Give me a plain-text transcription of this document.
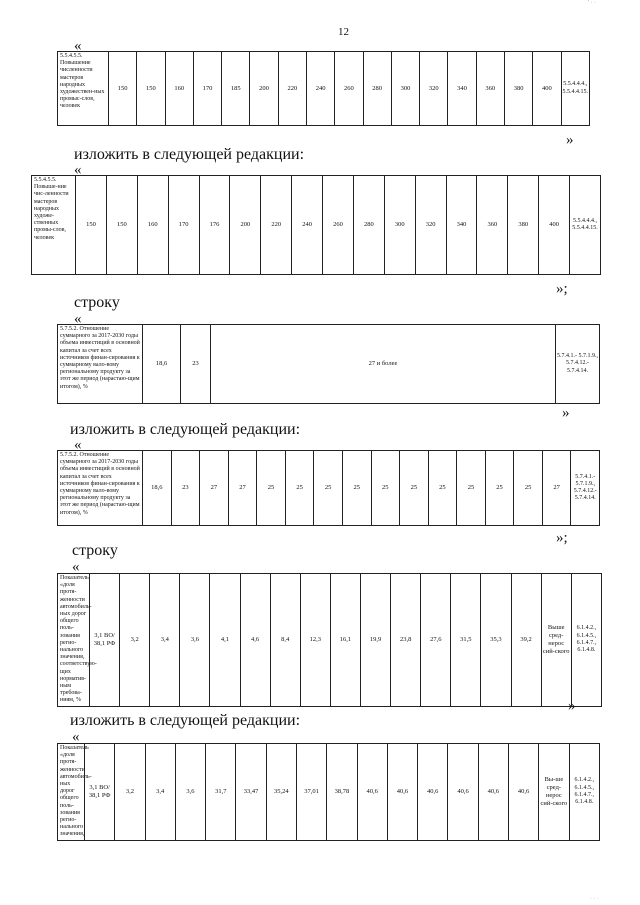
12
' · ·
· · ·
«
5.5.4.5.5. Повышение численности мастеров народных художествен-ных промыс-слов, человек	150	150	160	170	185	200	220	240	260	280	300	320	340	360	380	400	5.5.4.4.4., 5.5.4.4.15.
»
изложить в следующей редакции:
«
5.5.4.5.5. Повыше-ние чис-ленности мастеров народных художе-ственных промы-слов, человек	150	150	160	170	176	200	220	240	260	280	300	320	340	360	380	400	5.5.4.4.4., 5.5.4.4.15.
»;
строку
«
5.7.5.2. Отношение суммарного за 2017-2030 годы объема инвестиций в основной капитал за счет всех источников финан-сирования к суммарному вало-вому региональному продукту за этот же период (нарастаю-щим итогом), %	18,6	23	27 и более	5.7.4.1.- 5.7.1.9., 5.7.4.12.- 5.7.4.14.
»
изложить в следующей редакции:
«
5.7.5.2. Отношение суммарного за 2017-2030 годы объема инвестиций в основной капитал за счет всех источников финан-сирования к суммарному вало-вому региональному продукту за этот же период (нарастаю-щим итогом), %	18,6	23	27	27	25	25	25	25	25	25	25	25	25	25	27	5.7.4.1.- 5.7.1.9., 5.7.4.12.- 5.7.4.14.
»;
строку
«
Показатель «доля протя-женности автомобиль-ных дорог общего поль-зования регио-нального значения, соответствую-щих норматив-ным требова-ниям, %	3,1 ВО/ 38,1 РФ	3,2	3,4	3,6	4,1	4,6	8,4	12,3	16,1	19,9	23,8	27,6	31,5	35,3	39,2	Выше сред-нерос сий-ского	6.1.4.2., 6.1.4.5., 6.1.4.7., 6.1.4.8.
»
изложить в следующей редакции:
«
Показатель «доля протя-женности автомобиль-ных дорог общего поль-зования регио-нального значения,	3,1 ВО/ 38,1 РФ	3,2	3,4	3,6	31,7	33,47	35,24	37,01	38,78	40,6	40,6	40,6	40,6	40,6	40,6	Вы-ше сред-нерос сий-ского	6.1.4.2., 6.1.4.5., 6.1.4.7., 6.1.4.8.
